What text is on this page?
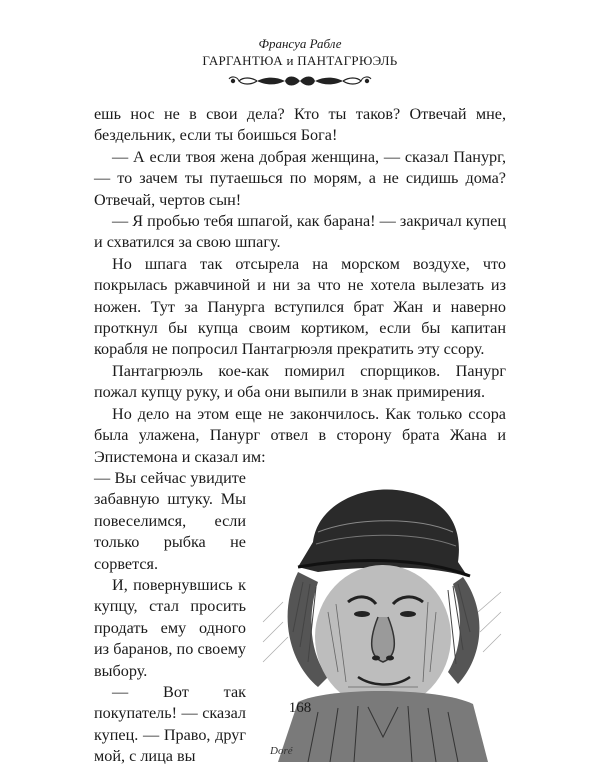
Франсуа Рабле
ГАРГАНТЮА и ПАНТАГРЮЭЛЬ

ешь нос не в свои дела? Кто ты таков? Отвечай мне, бездельник, если ты боишься Бога!

— А если твоя жена добрая женщина, — сказал Панург, — то зачем ты путаешься по морям, а не сидишь дома? Отвечай, чертов сын!

— Я пробью тебя шпагой, как барана! — закричал купец и схватился за свою шпагу.

Но шпага так отсырела на морском воздухе, что покрылась ржавчиной и ни за что не хотела вылезать из ножен. Тут за Панурга вступился брат Жан и наверно проткнул бы купца своим кортиком, если бы капитан корабля не попросил Пантагрюэля прекратить эту ссору.

Пантагрюэль кое-как помирил спорщиков. Панург пожал купцу руку, и оба они выпили в знак примирения.

Но дело на этом еще не закончилось. Как только ссора была улажена, Панург отвел в сторону брата Жана и Эпистемона и сказал им:

Doré

— Вы сейчас увидите забавную штуку. Мы повеселимся, если только рыбка не сорвется.

И, повернувшись к купцу, стал просить продать ему одного из баранов, по своему выбору.

— Вот так покупатель! — сказал купец. — Право, друг мой, с лица вы

168
